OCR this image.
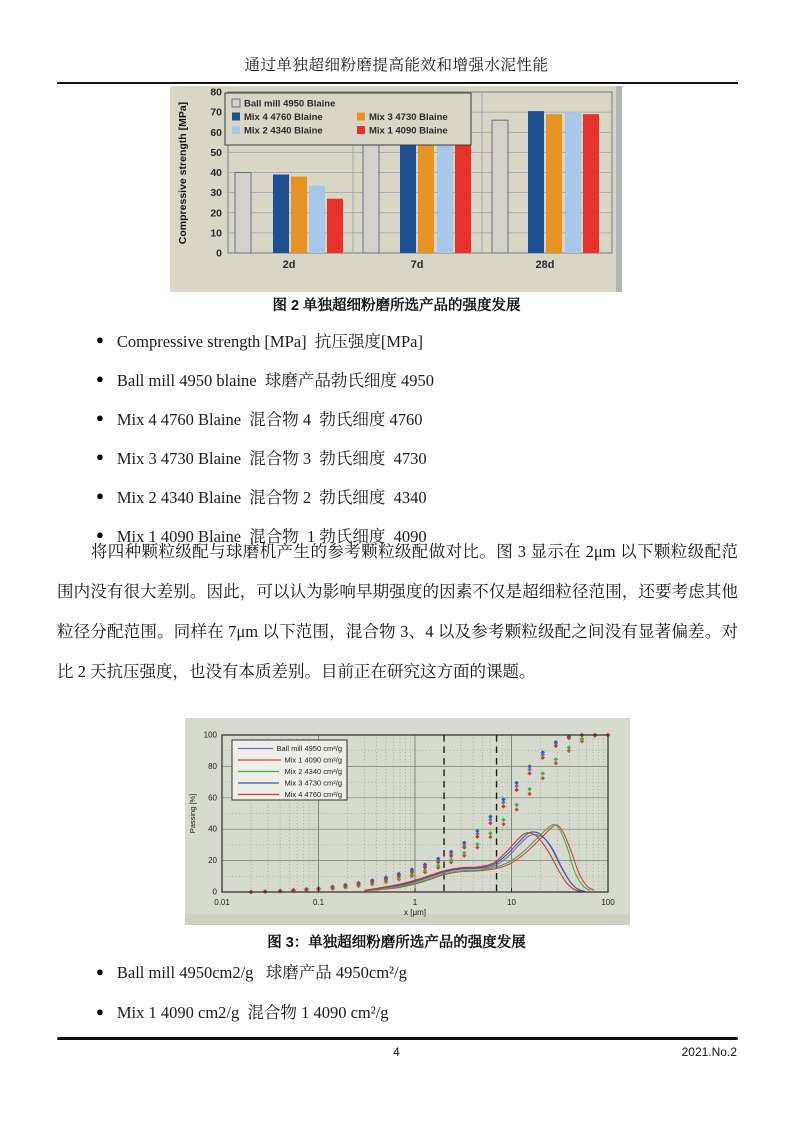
通过单独超细粉磨提高能效和增强水泥性能
2d	7d	28d
0
10
20
30
40
50
60
70
80
Compressive strength [MPa]	Ball mill 4950 Blaine
Mix 4 4760 Blaine	Mix 3 4730 Blaine
Mix 2 4340 Blaine	Mix 1 4090 Blaine
图 2 单独超细粉磨所选产品的强度发展
● Compressive strength [MPa]  抗压强度[MPa]
● Ball mill 4950 blaine  球磨产品勃氏细度 4950
● Mix 4 4760 Blaine  混合物 4  勃氏细度 4760
● Mix 3 4730 Blaine  混合物 3  勃氏细度  4730
● Mix 2 4340 Blaine  混合物 2  勃氏细度  4340
● Mix 1 4090 Blaine  混合物  1 勃氏细度  4090
将四种颗粒级配与球磨机产生的参考颗粒级配做对比。图 3 显示在 2μm 以下颗粒级配范围内没有很大差别。因此，可以认为影响早期强度的因素不仅是超细粒径范围，还要考虑其他粒径分配范围。同样在 7μm 以下范围，混合物 3、4 以及参考颗粒级配之间没有显著偏差。对比 2 天抗压强度，也没有本质差别。目前正在研究这方面的课题。
0.01	0.1	1	10	100
0
20
40
60
80
100
x [μm]
Passing [%]
Ball mill 4950 cm²/g
Mix 1 4090 cm²/g
Mix 2 4340 cm²/g
Mix 3 4730 cm²/g
Mix 4 4760 cm²/g
图 3：单独超细粉磨所选产品的强度发展
● Ball mill 4950cm2/g   球磨产品 4950cm²/g
● Mix 1 4090 cm2/g  混合物 1 4090 cm²/g
4	2021.No.2
